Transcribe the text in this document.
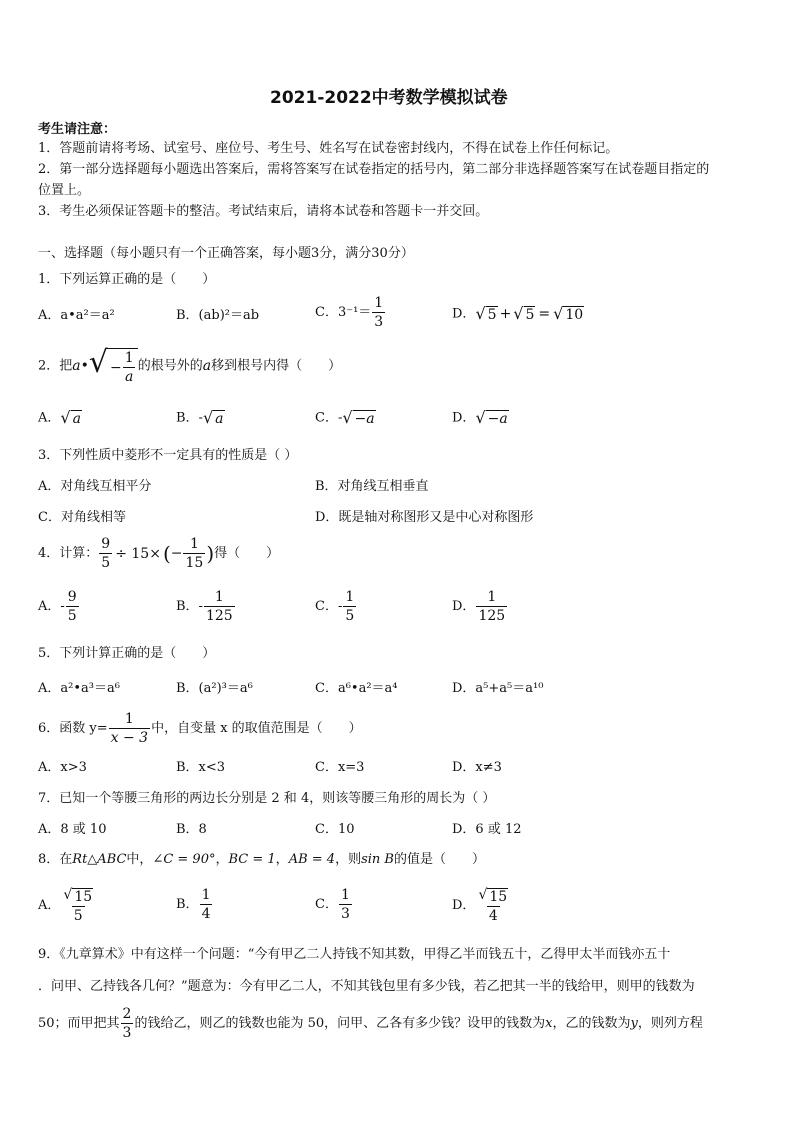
2021-2022中考数学模拟试卷
考生请注意：
1．答题前请将考场、试室号、座位号、考生号、姓名写在试卷密封线内，不得在试卷上作任何标记。
2．第一部分选择题每小题选出答案后，需将答案写在试卷指定的括号内，第二部分非选择题答案写在试卷题目指定的
位置上。
3．考生必须保证答题卡的整洁。考试结束后，请将本试卷和答题卡一并交回。
一、选择题（每小题只有一个正确答案，每小题3分，满分30分）
1．下列运算正确的是（　　）
A．a•a²＝a²	B．(ab)²＝ab	C．$3^{-1}= \frac{1}{3}$	D． √ 5 + √ 5 = √ 10
2．把a• √ − $\frac{1}{a}$ 的根号外的a移到根号内得（　　）
A． √ a	B．- √ a	C．- √ −a	D． √ −a
3．下列性质中菱形不一定具有的性质是（ ）
A．对角线互相平分	B．对角线互相垂直
C．对角线相等	D．既是轴对称图形又是中心对称图形
4．计算： $\frac{9}{5} \div 15\times$ (− $\frac{1}{15}$ )得（　　）
A．- $\frac{9}{5}$	B．- $\frac{1}{125}$	C．- $\frac{1}{5}$	D． $\frac{1}{125}$
5．下列计算正确的是（　　）
A．a²•a³＝a⁶	B．(a²)³＝a⁶	C．a⁶•a²＝a⁴	D．a⁵+a⁵＝a¹⁰
6．函数 $y= \frac{1}{x - 3}$ 中，自变量 x 的取值范围是（　　）
A．x>3	B．x<3	C．x=3	D．x≠3
7．已知一个等腰三角形的两边长分别是 2 和 4，则该等腰三角形的周长为（ ）
A．8 或 10	B．8	C．10	D．6 或 12
8．在Rt△ABC中，∠C = 90°，BC = 1，AB = 4，则sin B的值是（　　）
A． $\frac{√ 15}{5}$	B． $\frac{1}{4}$	C． $\frac{1}{3}$	D． $\frac{√ 15}{4}$
9．《九章算术》中有这样一个问题：“今有甲乙二人持钱不知其数，甲得乙半而钱五十，乙得甲太半而钱亦五十
．问甲、乙持钱各几何？”题意为：今有甲乙二人，不知其钱包里有多少钱，若乙把其一半的钱给甲，则甲的钱数为
50；而甲把其 $\frac{2}{3}$ 的钱给乙，则乙的钱数也能为 50，问甲、乙各有多少钱？设甲的钱数为x，乙的钱数为y，则列方程
